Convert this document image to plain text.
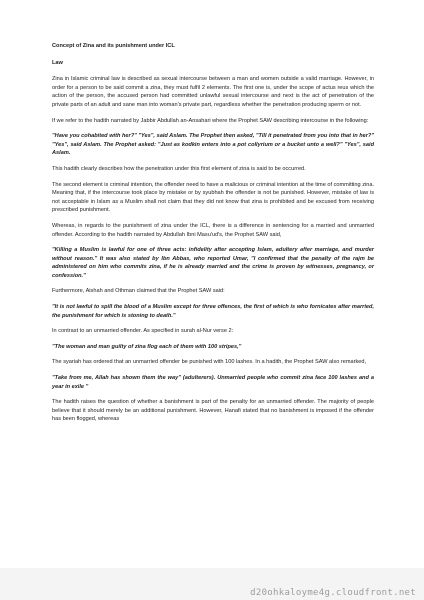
Concept of Zina and its punishment under ICL

Law

Zina in Islamic criminal law is described as sexual intercourse between a man and women outside a valid marriage. However, in order for a person to be said commit a zina, they must fulfil 2 elements. The first one is, under the scope of actus reus which the action of the person, the accused person had committed unlawful sexual intercourse and next is the act of penetration of the private parts of an adult and sane man into woman's private part, regardless whether the penetration producing sperm or not.

If we refer to the hadith narrated by Jabbir Abdullah an-Ansahari where the Prophet SAW describing intercourse in the following:

"Have you cohabited with her?" "Yes", said Aslam. The Prophet then asked, "Till it penetrated from you into that in her?" "Yes", said Aslam. The Prophet asked: "Just as kodkin enters into a pot collyrium or a bucket unto a well?" "Yes", said Aslam.

This hadith clearly describes how the penetration under this first element of zina is said to be occurred.

The second element is criminal intention, the offender need to have a malicious or criminal intention at the time of committing zina. Meaning that, if the intercourse took place by mistake or by syubhah the offender is not be punished. However, mistake of law is not acceptable in Islam as a Muslim shall not claim that they did not know that zina is prohibited and be excused from receiving prescribed punishment.

Whereas, in regards to the punishment of zina under the ICL, there is a difference in sentencing for a married and unmarried offender. According to the hadith narrated by Abdullah Ibni Masu'ud's, the Prophet SAW said,

"Killing a Muslim is lawful for one of three acts: infidelity after accepting Islam, adultery after marriage, and murder without reason." It was also stated by Ibn Abbas, who reported Umar, "I confirmed that the penalty of the rajm be administered on him who commits zina, if he is already married and the crime is proven by witnesses, pregnancy, or confession."

Furthermore, Aishah and Othman claimed that the Prophet SAW said:

"It is not lawful to spill the blood of a Muslim except for three offences, the first of which is who fornicates after married, the punishment for which is stoning to death."

In contrast to an unmarried offender. As specified in surah al-Nur verse 2:

"The woman and man guilty of zina flog each of them with 100 stripes,"

The syariah has ordered that an unmarried offender be punished with 100 lashes. In a hadith, the Prophet SAW also remarked,

"Take from me, Allah has shown them the way" (adulterers). Unmarried people who commit zina face 100 lashes and a year in exile "

The hadith raises the question of whether a banishment is part of the penalty for an unmarried offender. The majority of people believe that it should merely be an additional punishment. However, Hanafi stated that no banishment is imposed if the offender has been flogged, whereas

d20ohkaloyme4g.cloudfront.net
